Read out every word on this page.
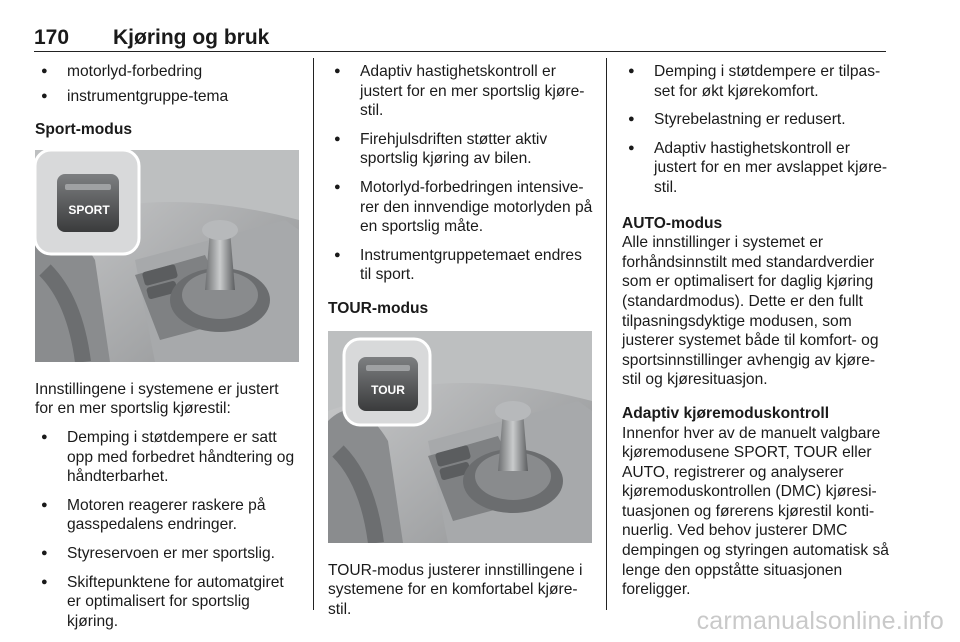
170 Kjøring og bruk
● motorlyd-forbedring
● instrumentgruppe-tema
Sport-modus
SPORT
Innstillingene i systemene er justert for en mer sportslig kjørestil:
● Demping i støtdempere er satt opp med forbedret håndtering og håndterbarhet.
● Motoren reagerer raskere på gasspedalens endringer.
● Styreservoen er mer sportslig.
● Skiftepunktene for automatgiret er optimalisert for sportslig kjøring.
● Adaptiv hastighetskontroll er justert for en mer sportslig kjøre-stil.
● Firehjulsdriften støtter aktiv sportslig kjøring av bilen.
● Motorlyd-forbedringen intensive-rer den innvendige motorlyden på en sportslig måte.
● Instrumentgruppetemaet endres til sport.
TOUR-modus
TOUR
TOUR-modus justerer innstillingene i systemene for en komfortabel kjøre-stil.
● Demping i støtdempere er tilpas-set for økt kjørekomfort.
● Styrebelastning er redusert.
● Adaptiv hastighetskontroll er justert for en mer avslappet kjøre-stil.
AUTO-modus
Alle innstillinger i systemet er forhåndsinnstilt med standardverdier som er optimalisert for daglig kjøring (standardmodus). Dette er den fullt tilpasningsdyktige modusen, som justerer systemet både til komfort- og sportsinnstillinger avhengig av kjøre-stil og kjøresituasjon.
Adaptiv kjøremoduskontroll
Innenfor hver av de manuelt valgbare kjøremodusene SPORT, TOUR eller AUTO, registrerer og analyserer kjøremoduskontrollen (DMC) kjøresi-tuasjonen og førerens kjørestil konti-nuerlig. Ved behov justerer DMC dempingen og styringen automatisk så lenge den oppståtte situasjonen foreligger.
carmanualsonline.info
